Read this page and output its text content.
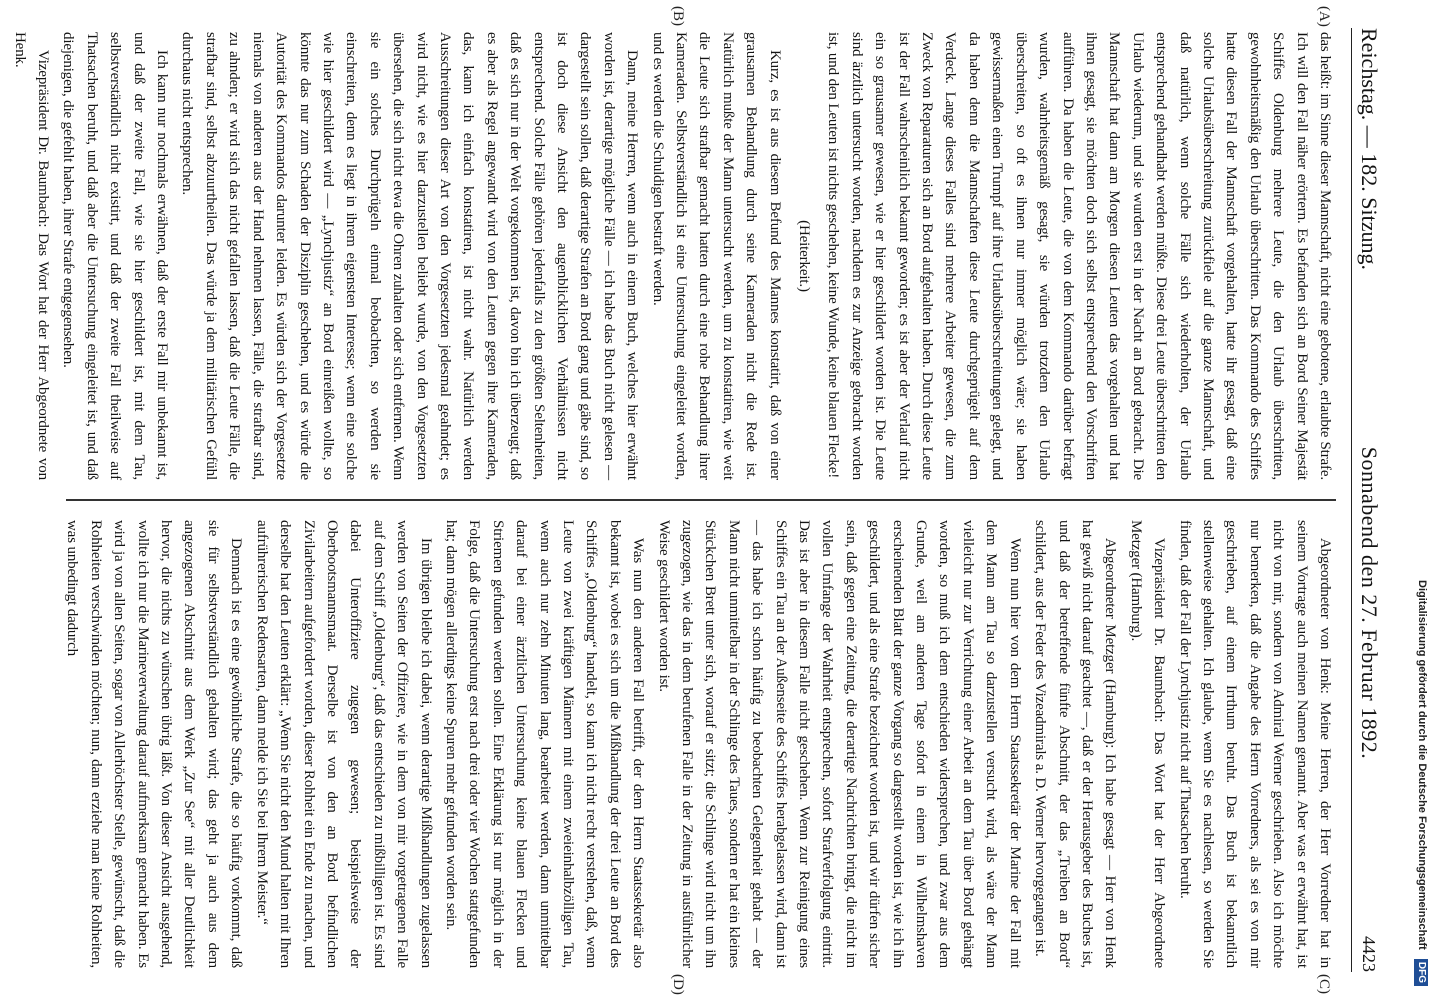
Reichstag. — 182. Sitzung.
Sonnabend den 27. Februar 1892.
4423
(A)
(B)
(C)
(D)

das heißt: im Sinne dieser Mannschaft, nicht eine gebotene, erlaubte Strafe. Ich will den Fall näher erörtern. Es befanden sich an Bord Seiner Majestät Schiffes Oldenburg mehrere Leute, die den Urlaub überschritten, gewohnheitsmäßig den Urlaub überschritten. Das Kommando des Schiffes hatte diesen Fall der Mannschaft vorgehalten, hatte ihr gesagt, daß eine solche Urlaubsüberschreitung zurückfiele auf die ganze Mannschaft, und daß natürlich, wenn solche Fälle sich wiederholten, der Urlaub entsprechend gehandhabt werden müßte. Diese drei Leute überschritten den Urlaub wiederum, und sie wurden erst in der Nacht an Bord gebracht. Die Mannschaft hat dann am Morgen diesen Leuten das vorgehalten und hat ihnen gesagt, sie möchten doch sich selbst entsprechend den Vorschriften aufführen. Da haben die Leute, die von dem Kommando darüber befragt wurden, wahrheitsgemäß gesagt, sie würden trotzdem den Urlaub überschreiten, so oft es ihnen nur immer möglich wäre; sie haben gewissermaßen einen Trumpf auf ihre Urlaubsüberschreitungen gelegt, und da haben denn die Mannschaften diese Leute durchgeprügelt auf dem Verdeck. Lange dieses Falles sind mehrere Arbeiter gewesen, die zum Zweck von Reparaturen sich an Bord aufgehalten haben. Durch diese Leute ist der Fall wahrscheinlich bekannt geworden; es ist aber der Verlauf nicht ein so grausamer gewesen, wie er hier geschildert worden ist. Die Leute sind ärztlich untersucht worden, nachdem es zur Anzeige gebracht worden ist, und den Leuten ist nichts geschehen, keine Wunde, keine blauen Flecke!

(Heiterkeit.)

Kurz, es ist aus diesem Befund des Mannes konstatirt, daß von einer grausamen Behandlung durch seine Kameraden nicht die Rede ist. Natürlich mußte der Mann untersucht werden, um zu konstatiren, wie weit die Leute sich strafbar gemacht hatten durch eine rohe Behandlung ihrer Kameraden. Selbstverständlich ist eine Untersuchung eingeleitet worden, und es werden die Schuldigen bestraft werden.

Dann, meine Herren, wenn auch in einem Buch, welches hier erwähnt worden ist, derartige mögliche Fälle — ich habe das Buch nicht gelesen — dargestellt sein sollen, daß derartige Strafen an Bord gang und gäbe sind, so ist doch diese Ansicht den augenblicklichen Verhältnissen nicht entsprechend. Solche Fälle gehören jedenfalls zu den größten Seltenheiten, daß es sich nur in der Welt vorgekommen ist, davon bin ich überzeugt; daß es aber als Regel angewandt wird von den Leuten gegen ihre Kameraden, das, kann ich einfach konstatiren, ist nicht wahr. Natürlich werden Ausschreitungen dieser Art von den Vorgesetzten jedesmal geahndet; es wird nicht, wie es hier darzustellen beliebt wurde, von den Vorgesetzten übersehen, die sich nicht etwa die Ohren zuhalten oder sich entfernen. Wenn sie ein solches Durchprügeln einmal beobachten, so werden sie einschreiten, denn es liegt in ihrem eigensten Interesse; wenn eine solche wie hier geschildert wird — „Lynchjustiz“ an Bord einreißen wollte, so könnte das nur zum Schaden der Disziplin geschehen, und es würde die Autorität des Kommandos darunter leiden. Es würden sich der Vorgesetzte niemals von anderen aus der Hand nehmen lassen, Fälle, die strafbar sind, zu ahnden; er wird sich das nicht gefallen lassen, daß die Leute Fälle, die strafbar sind, selbst abzuurtheilen. Das würde ja dem militärischen Gefühl durchaus nicht entsprechen.

Ich kann nur nochmals erwähnen, daß der erste Fall mir unbekannt ist, und daß der zweite Fall, wie sie hier geschildert ist, mit dem Tau, selbstverständlich nicht existirt, und daß der zweite Fall theilweise auf Thatsachen beruht, und daß aber die Untersuchung eingeleitet ist, und daß diejenigen, die gefehlt haben, ihrer Strafe entgegensehen.

Vizepräsident Dr. Baumbach: Das Wort hat der Herr Abgeordnete von Henk.

Abgeordneter von Henk: Meine Herren, der Herr Vorredner hat in seinem Vortrage auch meinen Namen genannt. Aber was er erwähnt hat, ist nicht von mir, sondern von Admiral Werner geschrieben. Also ich möchte nur bemerken, daß die Angabe des Herrn Vorredners, als sei es von mir geschrieben, auf einem Irrthum beruht. Das Buch ist bekanntlich stellenweise gehalten. Ich glaube, wenn Sie es nachlesen, so werden Sie finden, daß der Fall der Lynchjustiz nicht auf Thatsachen beruht.

Vizepräsident Dr. Baumbach: Das Wort hat der Herr Abgeordnete Metzger (Hamburg).

Abgeordneter Metzger (Hamburg): Ich habe gesagt — Herr von Henk hat gewiß nicht darauf geachtet —, daß er der Herausgeber des Buches ist, und daß der betreffende fünfte Abschnitt, der das „Treiben an Bord“ schildert, aus der Feder des Vizeadmirals a. D. Werner hervorgegangen ist.

Wenn nun hier von dem Herrn Staatssekretär der Marine der Fall mit dem Mann am Tau so darzustellen versucht wird, als wäre der Mann vielleicht nur zur Verrichtung einer Arbeit an dem Tau über Bord gehängt worden, so muß ich dem entschieden widersprechen, und zwar aus dem Grunde, weil am anderen Tage sofort in einem in Wilhelmshaven erscheinenden Blatt der ganze Vorgang so dargestellt worden ist, wie ich ihn geschildert, und als eine Strafe bezeichnet worden ist, und wir dürfen sicher sein, daß gegen eine Zeitung, die derartige Nachrichten bringt, die nicht im vollen Umfange der Wahrheit entsprechen, sofort Strafverfolgung eintritt. Das ist aber in diesem Falle nicht geschehen. Wenn zur Reinigung eines Schiffes ein Tau an der Außenseite des Schiffes herabgelassen wird, dann ist — das habe ich schon häufig zu beobachten Gelegenheit gehabt — der Mann nicht unmittelbar in der Schlinge des Taues, sondern er hat ein kleines Stückchen Brett unter sich, worauf er sitzt; die Schlinge wird nicht um ihn zugezogen, wie das in dem berufenen Falle in der Zeitung in ausführlicher Weise geschildert worden ist.

Was nun den anderen Fall betrifft, der dem Herrn Staatssekretär also bekannt ist, wobei es sich um die Mißhandlung der drei Leute an Bord des Schiffes „Oldenburg“ handelt, so kann ich nicht recht verstehen, daß, wenn Leute von zwei kräftigen Männern mit einem zweieinhalbzölligen Tau, wenn auch nur zehn Minuten lang, bearbeitet werden, dann unmittelbar darauf bei einer ärztlichen Untersuchung keine blauen Flecken und Striemen gefunden werden sollen. Eine Erklärung ist nur möglich in der Folge, daß die Untersuchung erst nach drei oder vier Wochen stattgefunden hat; dann mögen allerdings keine Spuren mehr gefunden worden sein.

Im übrigen bleibe ich dabei, wenn derartige Mißhandlungen zugelassen werden von Seiten der Offiziere, wie in dem von mir vorgetragenen Falle auf dem Schiff „Oldenburg“, daß das entschieden zu mißbilligen ist. Es sind dabei Unteroffiziere zugegen gewesen; beispielsweise der Oberbootsmannsmaat. Derselbe ist von den an Bord befindlichen Zivilarbeitern aufgefordert worden, dieser Rohheit ein Ende zu machen, und derselbe hat den Leuten erklärt: „Wenn Sie nicht den Mund halten mit Ihren aufrührerischen Redensarten, dann melde ich Sie bei Ihrem Meister.“

Demnach ist es eine gewöhnliche Strafe, die so häufig vorkommt, daß sie für selbstverständlich gehalten wird; das geht ja auch aus dem angezogenen Abschnitt aus dem Werk „Zur See“ mit aller Deutlichkeit hervor, die nichts zu wünschen übrig läßt. Von dieser Ansicht ausgehend, wollte ich nur die Marineverwaltung darauf aufmerksam gemacht haben. Es wird ja von allen Seiten, sogar von Allerhöchster Stelle, gewünscht, daß die Rohheiten verschwinden möchten; nun, dann erziehe man keine Rohheiten, was unbedingt dadurch	Digitalisierung gefördert durch die Deutsche Forschungsgemeinschaft DFG
